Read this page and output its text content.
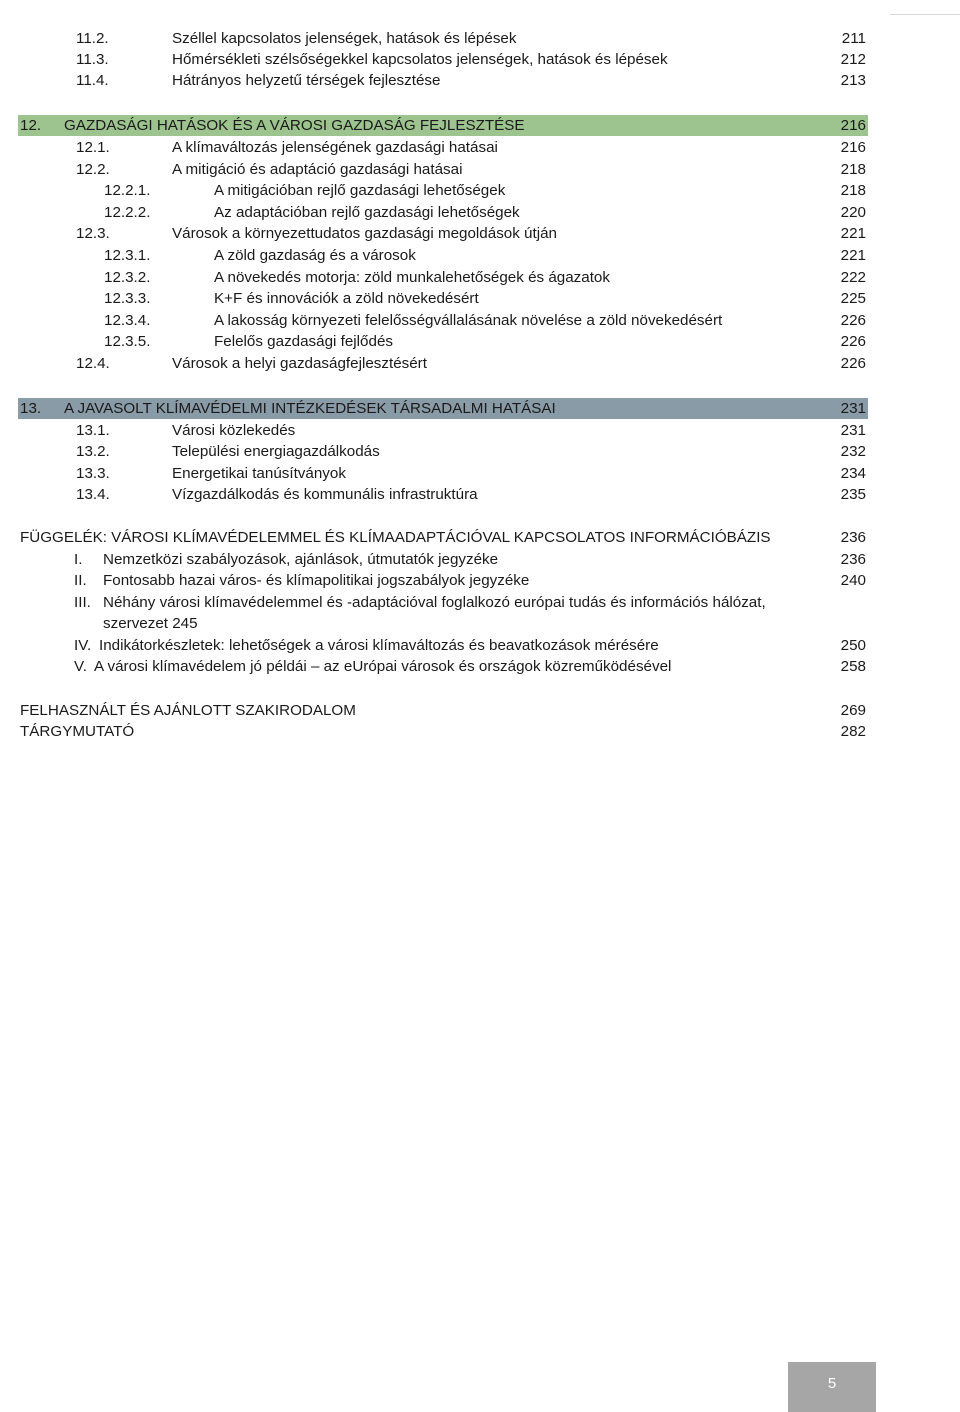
11.2.	Széllel kapcsolatos jelenségek, hatások és lépések	211
11.3.	Hőmérsékleti szélsőségekkel kapcsolatos jelenségek, hatások és lépések	212
11.4.	Hátrányos helyzetű térségek fejlesztése	213
12. GAZDASÁGI HATÁSOK ÉS A VÁROSI GAZDASÁG FEJLESZTÉSE	216
12.1.	A klímaváltozás jelenségének gazdasági hatásai	216
12.2.	A mitigáció és adaptáció gazdasági hatásai	218
12.2.1.	A mitigációban rejlő gazdasági lehetőségek	218
12.2.2.	Az adaptációban rejlő gazdasági lehetőségek	220
12.3.	Városok a környezettudatos gazdasági megoldások útján	221
12.3.1.	A zöld gazdaság és a városok	221
12.3.2.	A növekedés motorja: zöld munkalehetőségek és ágazatok	222
12.3.3.	K+F és innovációk a zöld növekedésért	225
12.3.4.	A lakosság környezeti felelősségvállalásának növelése a zöld növekedésért	226
12.3.5.	Felelős gazdasági fejlődés	226
12.4.	Városok a helyi gazdaságfejlesztésért	226
13. A JAVASOLT KLÍMAVÉDELMI INTÉZKEDÉSEK TÁRSADALMI HATÁSAI	231
13.1.	Városi közlekedés	231
13.2.	Települési energiagazdálkodás	232
13.3.	Energetikai tanúsítványok	234
13.4.	Vízgazdálkodás és kommunális infrastruktúra	235
FÜGGELÉK: VÁROSI KLÍMAVÉDELEMMEL ÉS KLÍMAADAPTÁCIÓVAL KAPCSOLATOS INFORMÁCIÓBÁZIS	236
I. Nemzetközi szabályozások, ajánlások, útmutatók jegyzéke	236
II. Fontosabb hazai város- és klímapolitikai jogszabályok jegyzéke	240
III. Néhány városi klímavédelemmel és -adaptációval foglalkozó európai tudás és információs hálózat, szervezet 245
IV. Indikátorkészletek: lehetőségek a városi klímaváltozás és beavatkozások mérésére	250
V. A városi klímavédelem jó példái – az eUrópai városok és országok közreműködésével	258
FELHASZNÁLT ÉS AJÁNLOTT SZAKIRODALOM	269
TÁRGYMUTATÓ	282
5
